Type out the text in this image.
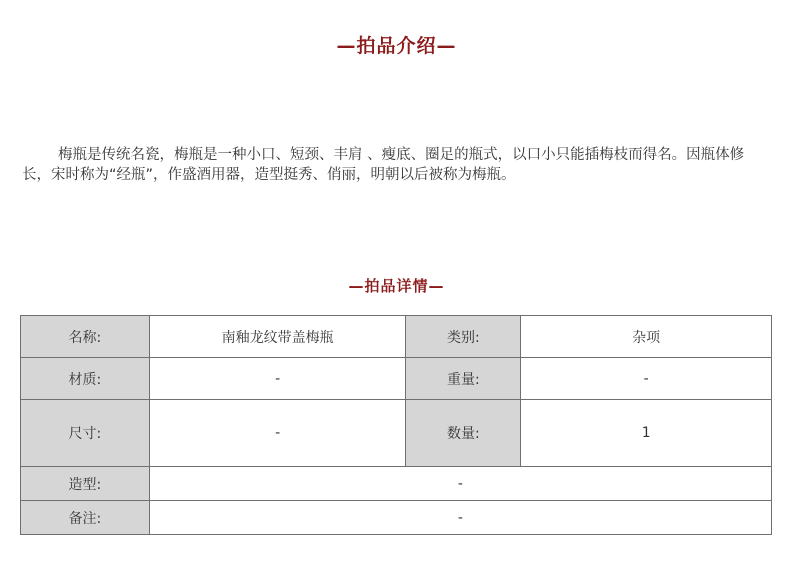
—拍品介绍—

梅瓶是传统名瓷，梅瓶是一种小口、短颈、丰肩 、瘦底、圈足的瓶式，以口小只能插梅枝而得名。因瓶体修长，宋时称为“经瓶”，作盛酒用器，造型挺秀、俏丽，明朝以后被称为梅瓶。

—拍品详情—
名称:	南釉龙纹带盖梅瓶	类别:	杂项
材质:	-	重量:	-
尺寸:	-	数量:	1
造型:	-		
备注:	-		
